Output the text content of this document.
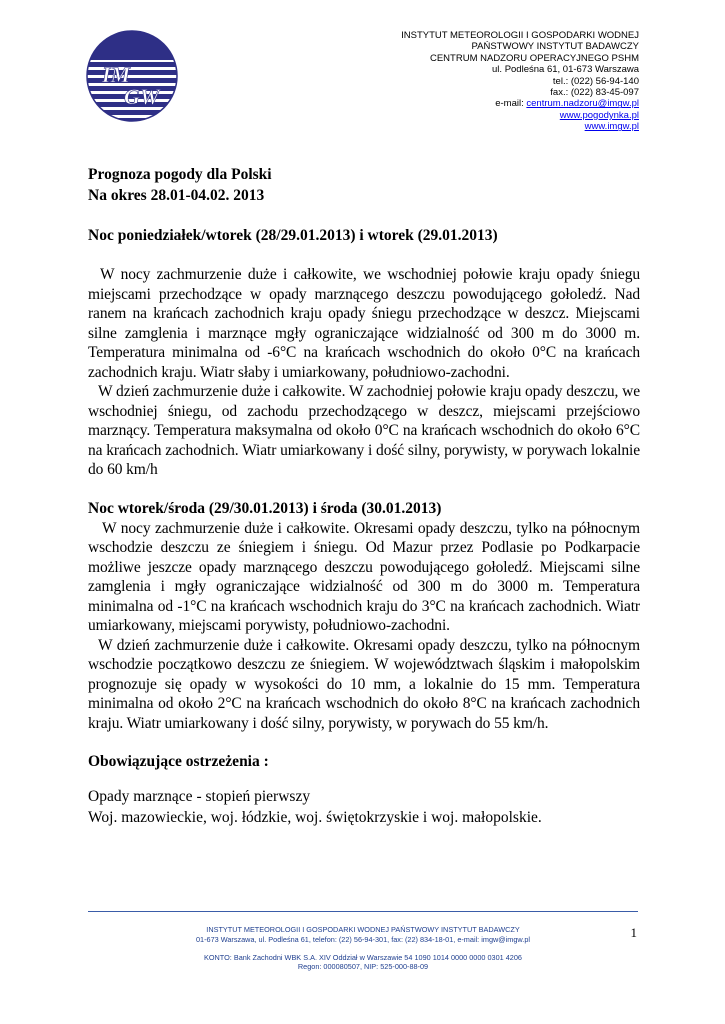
IM
GW
INSTYTUT METEOROLOGII I GOSPODARKI WODNEJ
PAŃSTWOWY INSTYTUT BADAWCZY
CENTRUM NADZORU OPERACYJNEGO PSHM
ul. Podleśna 61, 01-673 Warszawa
tel.: (022) 56-94-140
fax.: (022) 83-45-097
e-mail: centrum.nadzoru@imgw.pl
www.pogodynka.pl
www.imgw.pl

Prognoza pogody dla Polski

Na okres 28.01-04.02. 2013

Noc poniedziałek/wtorek (28/29.01.2013) i wtorek (29.01.2013)

W nocy zachmurzenie duże i całkowite, we wschodniej połowie kraju opady śniegu miejscami przechodzące w opady marznącego deszczu powodującego gołoledź. Nad ranem na krańcach zachodnich kraju opady śniegu przechodzące w deszcz. Miejscami silne zamglenia i marznące mgły ograniczające widzialność od 300 m do 3000 m. Temperatura minimalna od -6°C na krańcach wschodnich do około 0°C na krańcach zachodnich kraju. Wiatr słaby i umiarkowany, południowo-zachodni.

W dzień zachmurzenie duże i całkowite. W zachodniej połowie kraju opady deszczu, we wschodniej śniegu, od zachodu przechodzącego w deszcz, miejscami przejściowo marznący. Temperatura maksymalna od około 0°C na krańcach wschodnich do około 6°C na krańcach zachodnich. Wiatr umiarkowany i dość silny, porywisty, w porywach lokalnie do 60 km/h

Noc wtorek/środa (29/30.01.2013) i środa (30.01.2013)

W nocy zachmurzenie duże i całkowite. Okresami opady deszczu, tylko na północnym wschodzie deszczu ze śniegiem i śniegu. Od Mazur przez Podlasie po Podkarpacie możliwe jeszcze opady marznącego deszczu powodującego gołoledź. Miejscami silne zamglenia i mgły ograniczające widzialność od 300 m do 3000 m. Temperatura minimalna od -1°C na krańcach wschodnich kraju do 3°C na krańcach zachodnich. Wiatr umiarkowany, miejscami porywisty, południowo-zachodni.

W dzień zachmurzenie duże i całkowite. Okresami opady deszczu, tylko na północnym wschodzie początkowo deszczu ze śniegiem. W województwach śląskim i małopolskim prognozuje się opady w wysokości do 10 mm, a lokalnie do 15 mm. Temperatura minimalna od około 2°C na krańcach wschodnich do około 8°C na krańcach zachodnich kraju. Wiatr umiarkowany i dość silny, porywisty, w porywach do 55 km/h.

Obowiązujące ostrzeżenia :

Opady marznące - stopień pierwszy

Woj. mazowieckie, woj. łódzkie, woj. świętokrzyskie i woj. małopolskie.

INSTYTUT METEOROLOGII I GOSPODARKI WODNEJ PAŃSTWOWY INSTYTUT BADAWCZY
01-673 Warszawa, ul. Podleśna 61, telefon: (22) 56-94-301, fax: (22) 834-18-01, e-mail: imgw@imgw.pl
KONTO: Bank Zachodni WBK S.A. XIV Oddział w Warszawie 54 1090 1014 0000 0000 0301 4206
Regon: 000080507, NIP: 525-000-88-09
1
